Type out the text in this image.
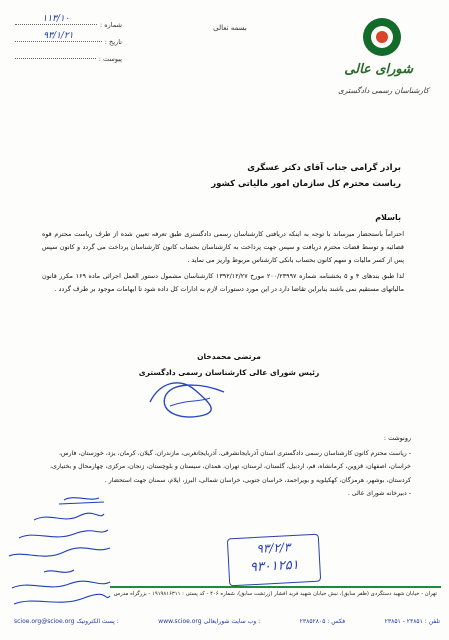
شماره :
۱۱۳/۱۰
تاریخ :
۹۳/۱/۲۱
پیوست :
بسمه تعالی
شورای عالی
کارشناسان رسمی دادگستری
برادر گرامی جناب آقای دکتر عسگری
ریاست محترم کل سازمان امور مالیاتی کشور
باسلام

احتراماً باستحضار میرساند با توجه به اینکه دریافتی کارشناسان رسمی دادگستری طبق تعرفه تعیین شده از طرف ریاست محترم قوه قضائیه و توسط قضات محترم دریافت و سپس جهت پرداخت به کارشناسان بحساب کانون کارشناسان پرداخت می گردد و کانون سپس پس از کسر مالیات و سهم کانون بحساب بانکی کارشناس مربوط واریز می نماید .

لذا طبق بندهای ۴ و ۵ بخشنامه شماره ۲۰۰/۲۳۹۹۷ مورخ ۱۳۹۲/۱۲/۲۷ کارشناسان مشمول دستور العمل اجرائی ماده ۱۶۹ مکرر قانون مالیاتهای مستقیم نمی باشند بنابراین تقاضا دارد در این مورد دستورات لازم به ادارات کل داده شود تا ابهامات موجود بر طرف گردد .

مرتضی محمدخان
رئیس شورای عالی کارشناسان رسمی دادگستری
رونوشت :
- ریاست محترم کانون کارشناسان رسمی دادگستری استان آذربایجانشرقی، آذربایجانغربی، مازندران، گیلان، کرمان، یزد، خوزستان، فارس، خراسان، اصفهان، قزوین، کرمانشاه، قم، اردبیل، گلستان، لرستان، تهران، همدان، سیستان و بلوچستان، زنجان، مرکزی، چهارمحال و بختیاری، کردستان، بوشهر، هرمزگان، کهکیلویه و بویراحمد، خراسان جنوبی، خراسان شمالی، البرز، ایلام، سمنان جهت استحضار .
- دبیرخانه شورای عالی .
۹۳/۲/۳
۹۳۰۱۲۵۱
تهران - خیابان شهید دستگردی (ظفر سابق)، نبش خیابان شهید فرید افشار (زرتشت سابق)، شماره ۴۰۶ - کد پستی : ۱۹۱۹۸۱۶۳۱۱ - بزرگراه مدرس
scioe.org@scioe.org پست الکترونیک :	www.scioe.org وب سایت شورایعالی :	فکس : ۲۳۸۵۲۸۰۵	تلفن : ۲۳۸۵۱ - ۲۳۸۵۱
